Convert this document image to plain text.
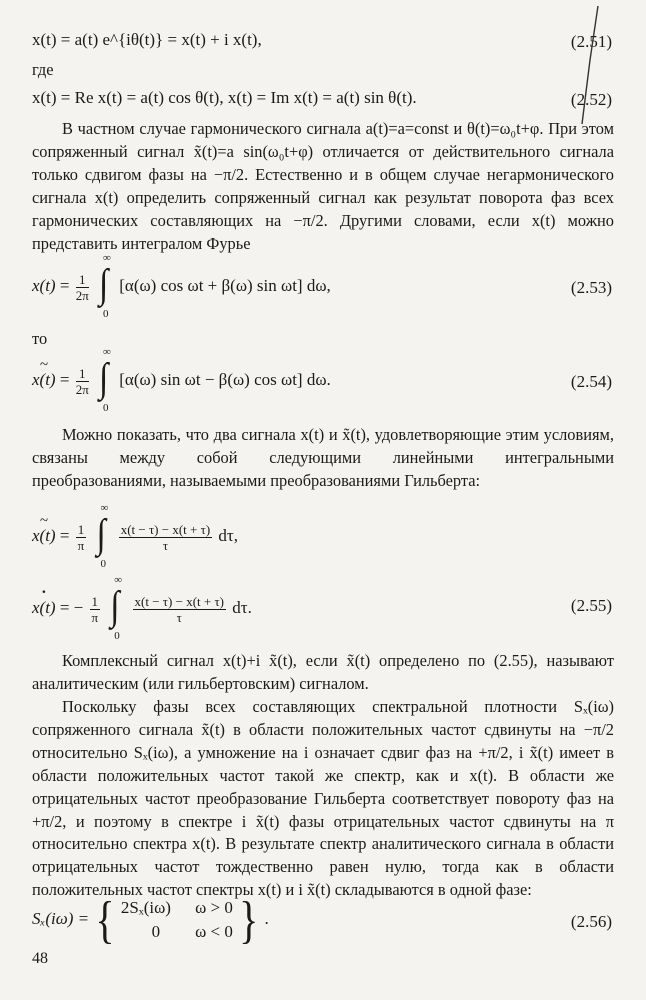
x(t) = a(t) e^{iθ(t)} = x(t) + i x(t),	(2.51)
где
x(t) = Re x(t) = a(t) cos θ(t), x(t) = Im x(t) = a(t) sin θ(t).	(2.52)

В частном случае гармонического сигнала a(t)=a=const и θ(t)=ω₀t+φ. При этом сопряженный сигнал x̃(t)=a sin(ω₀t+φ) отличается от действительного сигнала только сдвигом фазы на −π/2. Естественно и в общем случае негармонического сигнала x(t) определить сопряженный сигнал как результат поворота фаз всех гармонических составляющих на −π/2. Другими словами, если x(t) можно представить интегралом Фурье

$x(t) = \frac{1}{2\pi}$
∫
∞
0
[α(ω) cos ωt + β(ω) sin ωt] dω,	(2.53)
то
~ $x(t) = \frac{1}{2\pi}$
∫
∞
0
[α(ω) sin ωt − β(ω) cos ωt] dω.	(2.54)

Можно показать, что два сигнала x(t) и x̃(t), удовлетворяющие этим условиям, связаны между собой следующими линейными интегральными преобразованиями, называемыми преобразованиями Гильберта:

~ $x(t) = \frac{1}{\pi}$
∫
∞
0

$\frac{x(t - \tau) - x(t + \tau)}{\tau} d\tau$,
· x(t) = − $\frac{1}{\pi}$
∫
∞
0

$\frac{x(t - \tau) - x(t + \tau)}{\tau} d\tau$.	(2.55)

Комплексный сигнал x(t)+i x̃(t), если x̃(t) определено по (2.55), называют аналитическим (или гильбертовским) сигналом.

Поскольку фазы всех составляющих спектральной плотности Sₓ(iω) сопряженного сигнала x̃(t) в области положительных частот сдвинуты на −π/2 относительно Sₓ(iω), а умножение на i означает сдвиг фаз на +π/2, i x̃(t) имеет в области положительных частот такой же спектр, как и x(t). В области же отрицательных частот преобразование Гильберта соответствует повороту фаз на +π/2, и поэтому в спектре i x̃(t) фазы отрицательных частот сдвинуты на π относительно спектра x(t). В результате спектр аналитического сигнала в области отрицательных частот тождественно равен нулю, тогда как в области положительных частот спектры x(t) и i x̃(t) складываются в одной фазе:

Sₓ(iω) = { 2Sₓ(iω) ω > 0
0 ω < 0 } .	(2.56)
48
